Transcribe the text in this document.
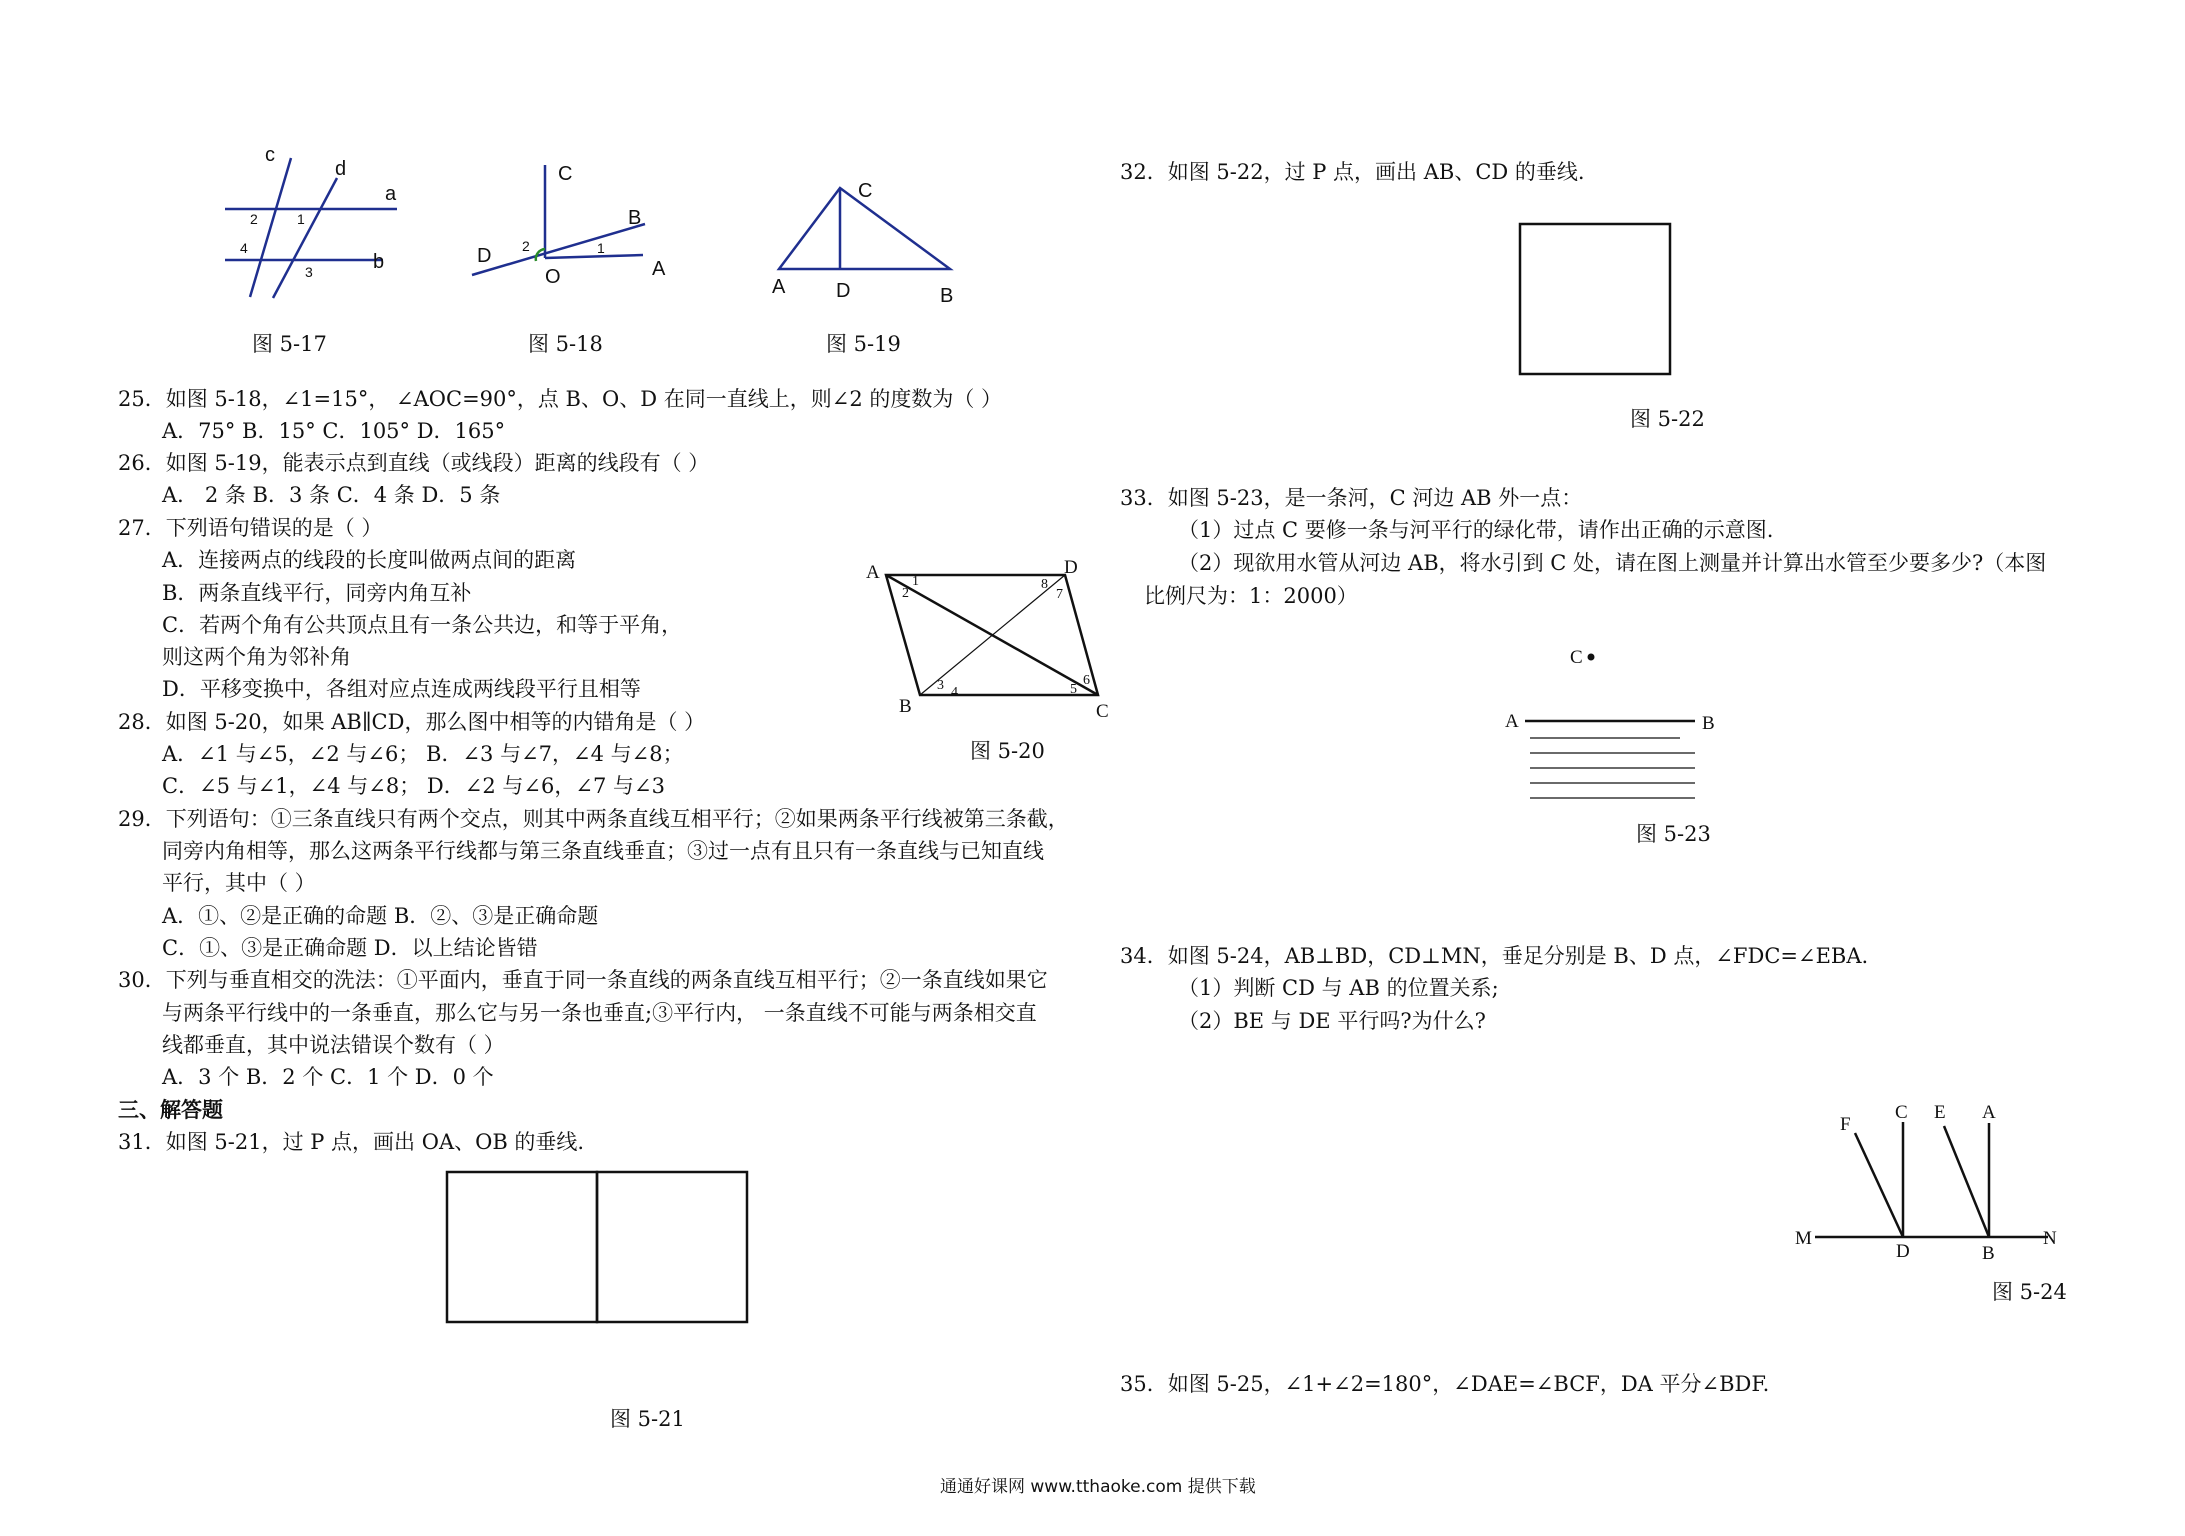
c
d
a
b
1
2
3
4
图 5-17
C
B
D
O	A
1
2
图 5-18
C
A	D	B
图 5-19
25．如图 5-18，∠1=15°， ∠AOC=90°，点 B、O、D 在同一直线上，则∠2 的度数为（ ）
A．75° B．15° C．105° D．165°
26．如图 5-19，能表示点到直线（或线段）距离的线段有（ ）
A． 2 条 B．3 条 C．4 条 D．5 条
27．下列语句错误的是（ ）
A．连接两点的线段的长度叫做两点间的距离
B．两条直线平行，同旁内角互补
C．若两个角有公共顶点且有一条公共边，和等于平角，
则这两个角为邻补角
D．平移变换中，各组对应点连成两线段平行且相等
28．如图 5-20，如果 AB∥CD，那么图中相等的内错角是（ ）
A．∠1 与∠5，∠2 与∠6； B．∠3 与∠7，∠4 与∠8；
C．∠5 与∠1，∠4 与∠8； D．∠2 与∠6，∠7 与∠3
29．下列语句：①三条直线只有两个交点，则其中两条直线互相平行；②如果两条平行线被第三条截，
同旁内角相等，那么这两条平行线都与第三条直线垂直；③过一点有且只有一条直线与已知直线
平行，其中（ ）
A．①、②是正确的命题 B．②、③是正确命题
C．①、③是正确命题 D．以上结论皆错
30．下列与垂直相交的洗法：①平面内，垂直于同一条直线的两条直线互相平行；②一条直线如果它
与两条平行线中的一条垂直，那么它与另一条也垂直;③平行内， 一条直线不可能与两条相交直
线都垂直，其中说法错误个数有（ ）
A．3 个 B．2 个 C．1 个 D．0 个
三、解答题
31．如图 5-21，过 P 点，画出 OA、OB 的垂线.
A	D
B	C
1
2
3 4	5
6
7
8
图 5-20
图 5-21
32．如图 5-22，过 P 点，画出 AB、CD 的垂线.
图 5-22
33．如图 5-23，是一条河，C 河边 AB 外一点：
（1）过点 C 要修一条与河平行的绿化带，请作出正确的示意图.
（2）现欲用水管从河边 AB，将水引到 C 处，请在图上测量并计算出水管至少要多少?（本图
比例尺为：1：2000）
C
A	B
图 5-23
34．如图 5-24，AB⊥BD，CD⊥MN，垂足分别是 B、D 点，∠FDC=∠EBA.
（1）判断 CD 与 AB 的位置关系;
（2）BE 与 DE 平行吗?为什么?
F
C E A
M
D	B
N
图 5-24
35．如图 5-25，∠1+∠2=180°，∠DAE=∠BCF，DA 平分∠BDF.
通通好课网 www.tthaoke.com 提供下载
